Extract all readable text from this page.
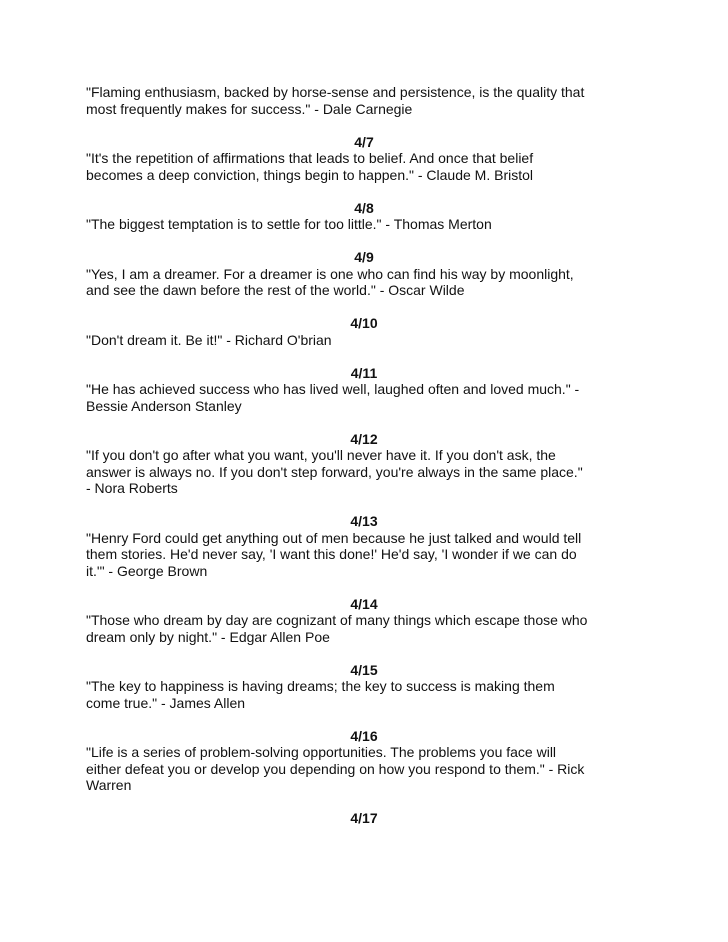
"Flaming enthusiasm, backed by horse-sense and persistence, is the quality that
most frequently makes for success." - Dale Carnegie
4/7
"It's the repetition of affirmations that leads to belief. And once that belief
becomes a deep conviction, things begin to happen." - Claude M. Bristol
4/8
"The biggest temptation is to settle for too little." - Thomas Merton
4/9
"Yes, I am a dreamer. For a dreamer is one who can find his way by moonlight,
and see the dawn before the rest of the world." - Oscar Wilde
4/10
"Don't dream it. Be it!" - Richard O'brian
4/11
"He has achieved success who has lived well, laughed often and loved much." -
Bessie Anderson Stanley
4/12
"If you don't go after what you want, you'll never have it. If you don't ask, the
answer is always no. If you don't step forward, you're always in the same place."
- Nora Roberts
4/13
"Henry Ford could get anything out of men because he just talked and would tell
them stories. He'd never say, 'I want this done!' He'd say, 'I wonder if we can do
it.'" - George Brown
4/14
"Those who dream by day are cognizant of many things which escape those who
dream only by night." - Edgar Allen Poe
4/15
"The key to happiness is having dreams; the key to success is making them
come true." - James Allen
4/16
"Life is a series of problem-solving opportunities. The problems you face will
either defeat you or develop you depending on how you respond to them." - Rick
Warren
4/17
